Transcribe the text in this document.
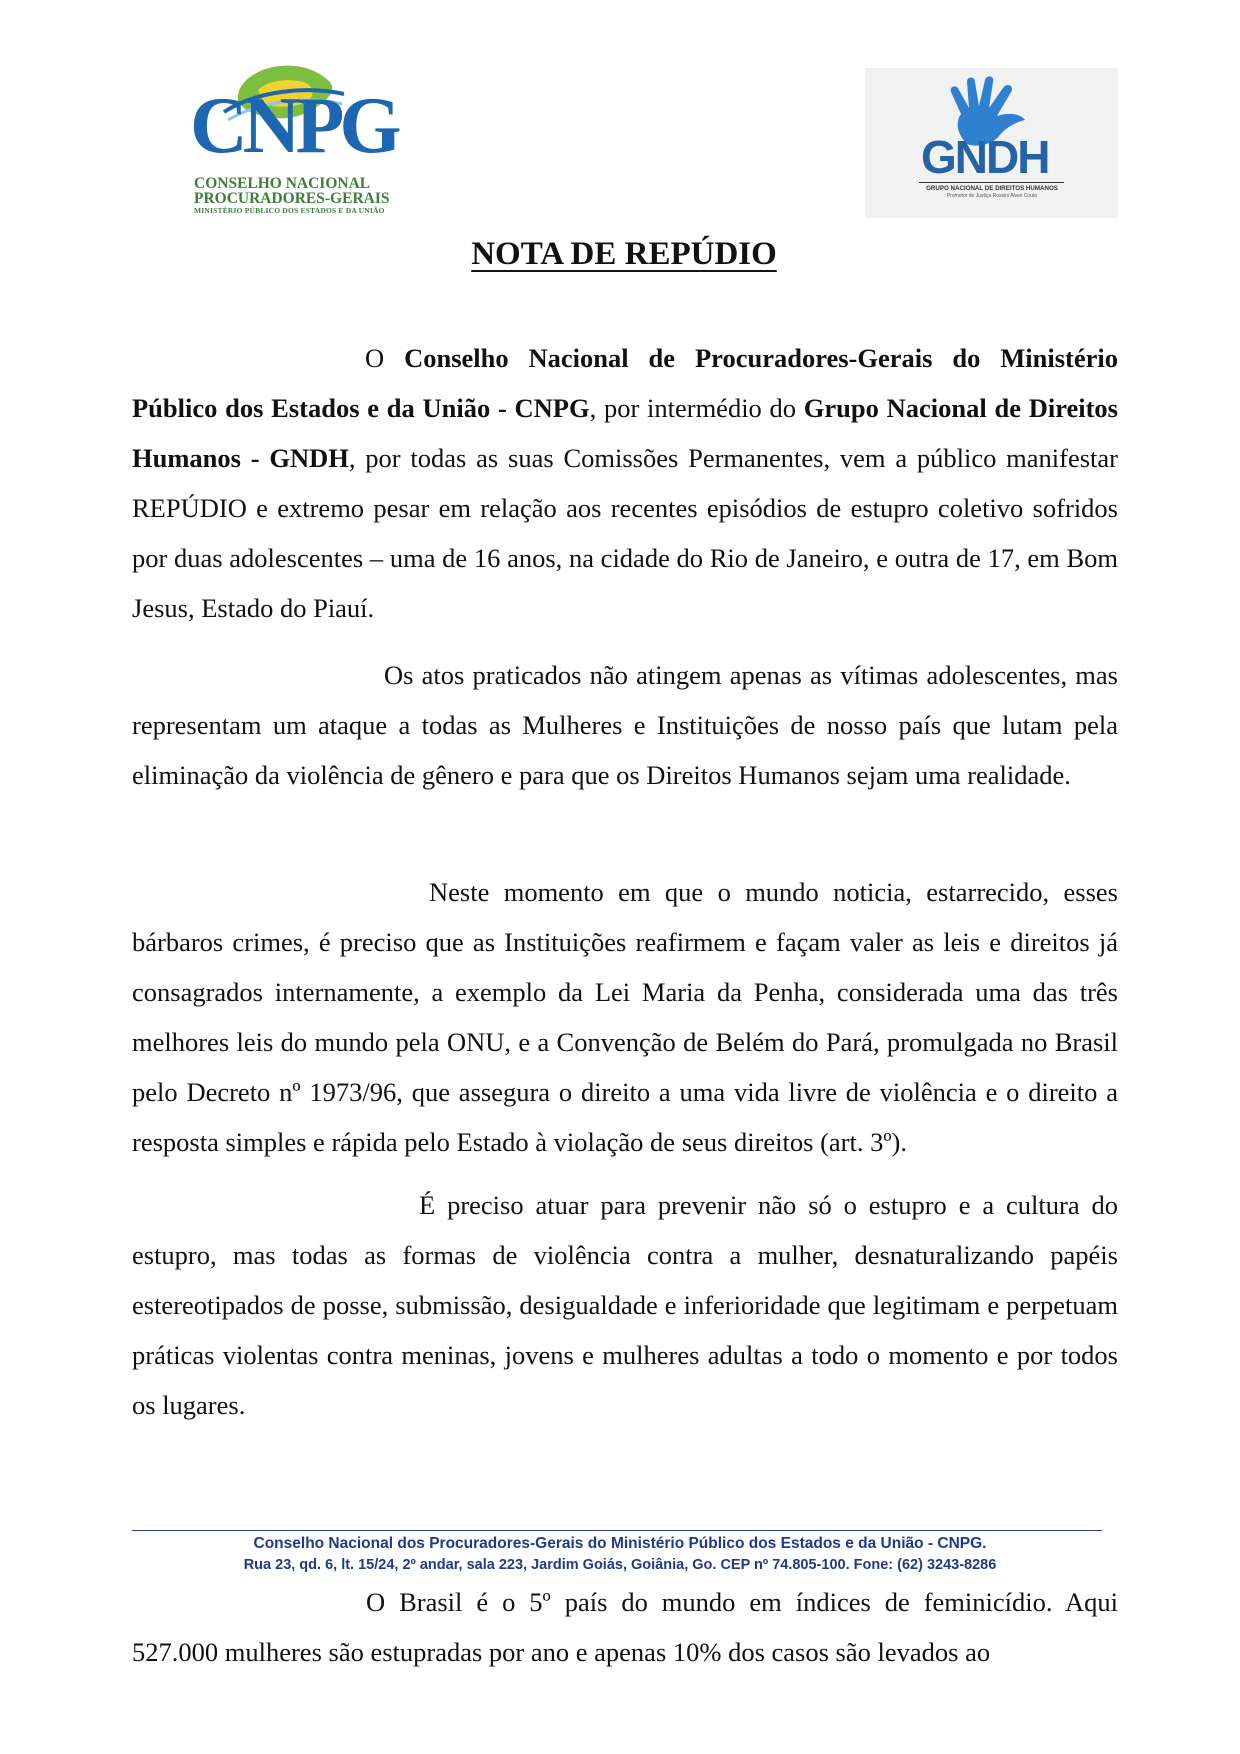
CNPG
CONSELHO NACIONAL
PROCURADORES-GERAIS
MINISTÉRIO PÚBLICO DOS ESTADOS E DA UNIÃO
GNDH
GRUPO NACIONAL DE DIREITOS HUMANOS
Promotor de Justiça Rossini Alves Couto
NOTA DE REPÚDIO

O Conselho Nacional de Procuradores-Gerais do Ministério Público dos Estados e da União - CNPG, por intermédio do Grupo Nacional de Direitos Humanos - GNDH, por todas as suas Comissões Permanentes, vem a público manifestar REPÚDIO e extremo pesar em relação aos recentes episódios de estupro coletivo sofridos por duas adolescentes – uma de 16 anos, na cidade do Rio de Janeiro, e outra de 17, em Bom Jesus, Estado do Piauí.

Os atos praticados não atingem apenas as vítimas adolescentes, mas representam um ataque a todas as Mulheres e Instituições de nosso país que lutam pela eliminação da violência de gênero e para que os Direitos Humanos sejam uma realidade.

Neste momento em que o mundo noticia, estarrecido, esses bárbaros crimes, é preciso que as Instituições reafirmem e façam valer as leis e direitos já consagrados internamente, a exemplo da Lei Maria da Penha, considerada uma das três melhores leis do mundo pela ONU, e a Convenção de Belém do Pará, promulgada no Brasil pelo Decreto nº 1973/96, que assegura o direito a uma vida livre de violência e o direito a resposta simples e rápida pelo Estado à violação de seus direitos (art. 3º).

É preciso atuar para prevenir não só o estupro e a cultura do estupro, mas todas as formas de violência contra a mulher, desnaturalizando papéis estereotipados de posse, submissão, desigualdade e inferioridade que legitimam e perpetuam práticas violentas contra meninas, jovens e mulheres adultas a todo o momento e por todos os lugares.

Conselho Nacional dos Procuradores-Gerais do Ministério Público dos Estados e da União - CNPG.
Rua 23, qd. 6, lt. 15/24, 2º andar, sala 223, Jardim Goiás, Goiânia, Go. CEP nº 74.805-100. Fone: (62) 3243-8286

O Brasil é o 5º país do mundo em índices de feminicídio. Aqui 527.000 mulheres são estupradas por ano e apenas 10% dos casos são levados ao
